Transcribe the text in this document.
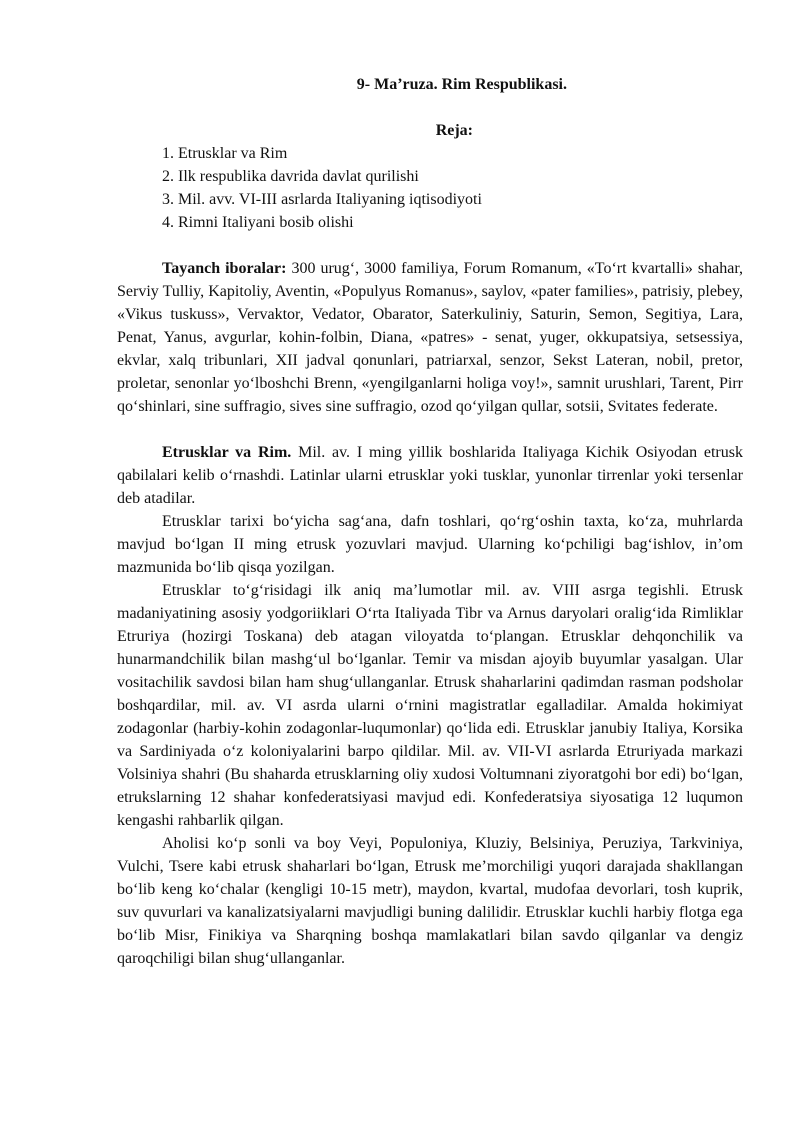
9- Ma’ruza. Rim Respublikasi.

Reja:

1. Etrusklar va Rim
2. Ilk respublika davrida davlat qurilishi
3. Mil. avv. VI-III asrlarda Italiyaning iqtisodiyoti
4. Rimni Italiyani bosib olishi

Tayanch iboralar: 300 urug‘, 3000 familiya, Forum Romanum, «To‘rt kvartalli» shahar, Serviy Tulliy, Kapitoliy, Aventin, «Populyus Romanus», saylov, «pater families», patrisiy, plebey, «Vikus tuskuss», Vervaktor, Vedator, Obarator, Saterkuliniy, Saturin, Semon, Segitiya, Lara, Penat, Yanus, avgurlar, kohin-folbin, Diana, «patres» - senat, yuger, okkupatsiya, setsessiya, ekvlar, xalq tribunlari, XII jadval qonunlari, patriarxal, senzor, Sekst Lateran, nobil, pretor, proletar, senonlar yo‘lboshchi Brenn, «yengilganlarni holiga voy!», samnit urushlari, Tarent, Pirr qo‘shinlari, sine suffragio, sives sine suffragio, ozod qo‘yilgan qullar, sotsii, Svitates federate.

Etrusklar va Rim. Mil. av. I ming yillik boshlarida Italiyaga Kichik Osiyodan etrusk qabilalari kelib o‘rnashdi. Latinlar ularni etrusklar yoki tusklar, yunonlar tirrenlar yoki tersenlar deb atadilar.

Etrusklar tarixi bo‘yicha sag‘ana, dafn toshlari, qo‘rg‘oshin taxta, ko‘za, muhrlarda mavjud bo‘lgan II ming etrusk yozuvlari mavjud. Ularning ko‘pchiligi bag‘ishlov, in’om mazmunida bo‘lib qisqa yozilgan.

Etrusklar to‘g‘risidagi ilk aniq ma’lumotlar mil. av. VIII asrga tegishli. Etrusk madaniyatining asosiy yodgoriiklari O‘rta Italiyada Tibr va Arnus daryolari oralig‘ida Rimliklar Etruriya (hozirgi Toskana) deb atagan viloyatda to‘plangan. Etrusklar dehqonchilik va hunarmandchilik bilan mashg‘ul bo‘lganlar. Temir va misdan ajoyib buyumlar yasalgan. Ular vositachilik savdosi bilan ham shug‘ullanganlar. Etrusk shaharlarini qadimdan rasman podsholar boshqardilar, mil. av. VI asrda ularni o‘rnini magistratlar egalladilar. Amalda hokimiyat zodagonlar (harbiy-kohin zodagonlar-luqumonlar) qo‘lida edi. Etrusklar janubiy Italiya, Korsika va Sardiniyada o‘z koloniyalarini barpo qildilar. Mil. av. VII-VI asrlarda Etruriyada markazi Volsiniya shahri (Bu shaharda etrusklarning oliy xudosi Voltumnani ziyoratgohi bor edi) bo‘lgan, etrukslarning 12 shahar konfederatsiyasi mavjud edi. Konfederatsiya siyosatiga 12 luqumon kengashi rahbarlik qilgan.

Aholisi ko‘p sonli va boy Veyi, Populoniya, Kluziy, Belsiniya, Peruziya, Tarkviniya, Vulchi, Tsere kabi etrusk shaharlari bo‘lgan, Etrusk me’morchiligi yuqori darajada shakllangan bo‘lib keng ko‘chalar (kengligi 10-15 metr), maydon, kvartal, mudofaa devorlari, tosh kuprik, suv quvurlari va kanalizatsiyalarni mavjudligi buning dalilidir. Etrusklar kuchli harbiy flotga ega bo‘lib Misr, Finikiya va Sharqning boshqa mamlakatlari bilan savdo qilganlar va dengiz qaroqchiligi bilan shug‘ullanganlar.
